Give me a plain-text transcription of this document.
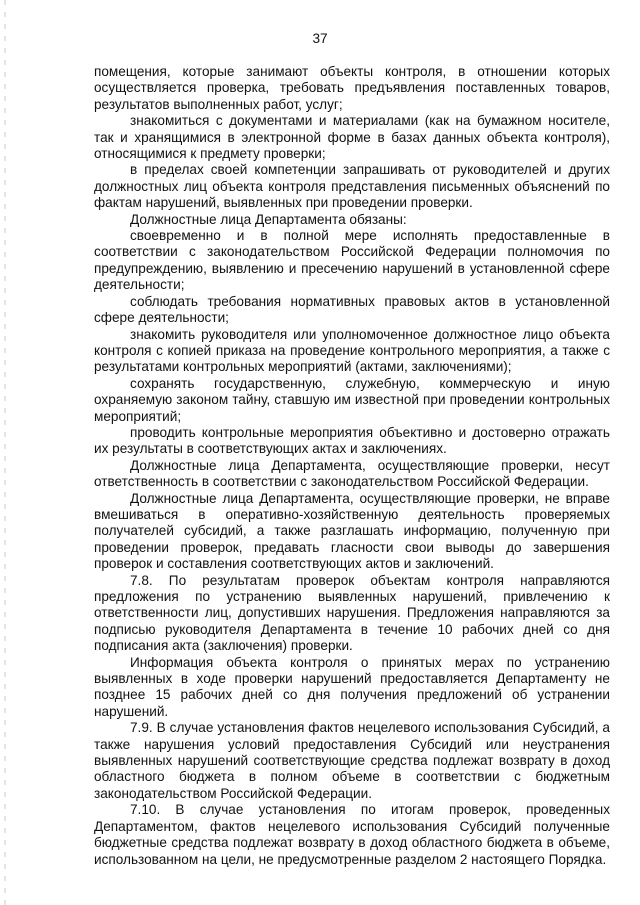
37

помещения, которые занимают объекты контроля, в отношении которых осуществляется проверка, требовать предъявления поставленных товаров, результатов выполненных работ, услуг;

знакомиться с документами и материалами (как на бумажном носителе, так и хранящимися в электронной форме в базах данных объекта контроля), относящимися к предмету проверки;

в пределах своей компетенции запрашивать от руководителей и других должностных лиц объекта контроля представления письменных объяснений по фактам нарушений, выявленных при проведении проверки.

Должностные лица Департамента обязаны:

своевременно и в полной мере исполнять предоставленные в соответствии с законодательством Российской Федерации полномочия по предупреждению, выявлению и пресечению нарушений в установленной сфере деятельности;

соблюдать требования нормативных правовых актов в установленной сфере деятельности;

знакомить руководителя или уполномоченное должностное лицо объекта контроля с копией приказа на проведение контрольного мероприятия, а также с результатами контрольных мероприятий (актами, заключениями);

сохранять государственную, служебную, коммерческую и иную охраняемую законом тайну, ставшую им известной при проведении контрольных мероприятий;

проводить контрольные мероприятия объективно и достоверно отражать их результаты в соответствующих актах и заключениях.

Должностные лица Департамента, осуществляющие проверки, несут ответственность в соответствии с законодательством Российской Федерации.

Должностные лица Департамента, осуществляющие проверки, не вправе вмешиваться в оперативно-хозяйственную деятельность проверяемых получателей субсидий, а также разглашать информацию, полученную при проведении проверок, предавать гласности свои выводы до завершения проверок и составления соответствующих актов и заключений.

7.8. По результатам проверок объектам контроля направляются предложения по устранению выявленных нарушений, привлечению к ответственности лиц, допустивших нарушения. Предложения направляются за подписью руководителя Департамента в течение 10 рабочих дней со дня подписания акта (заключения) проверки.

Информация объекта контроля о принятых мерах по устранению выявленных в ходе проверки нарушений предоставляется Департаменту не позднее 15 рабочих дней со дня получения предложений об устранении нарушений.

7.9. В случае установления фактов нецелевого использования Субсидий, а также нарушения условий предоставления Субсидий или неустранения выявленных нарушений соответствующие средства подлежат возврату в доход областного бюджета в полном объеме в соответствии с бюджетным законодательством Российской Федерации.

7.10. В случае установления по итогам проверок, проведенных Департаментом, фактов нецелевого использования Субсидий полученные бюджетные средства подлежат возврату в доход областного бюджета в объеме, использованном на цели, не предусмотренные разделом 2 настоящего Порядка.
